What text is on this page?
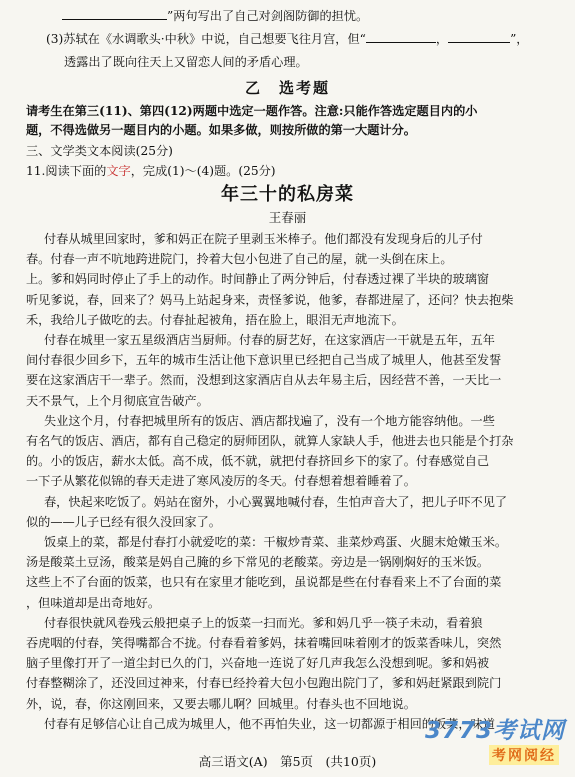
”两句写出了自己对剑阁防御的担忧。
(3)苏轼在《水调歌头·中秋》中说，自己想要飞往月宫，但“	，	”，
透露出了既向往天上又留恋人间的矛盾心理。
乙　选考题
请考生在第三(11)、第四(12)两题中选定一题作答。注意:只能作答选定题目内的小
题，不得选做另一题目内的小题。如果多做，则按所做的第一大题计分。
三、文学类文本阅读(25分)
11.阅读下面的文字，完成(1)～(4)题。(25分)
年三十的私房菜
王春丽
付春从城里回家时，爹和妈正在院子里剥玉米棒子。他们都没有发现身后的儿子付
春。付春一声不吭地跨进院门，拎着大包小包进了自己的屋，就一头倒在床上。
上。爹和妈同时停止了手上的动作。时间静止了两分钟后，付春透过裸了半块的玻璃窗
听见爹说，春，回来了？妈马上站起身来，责怪爹说，他爹，春都进屋了，还问？快去抱柴
禾，我给儿子做吃的去。付春扯起被角，捂在脸上，眼泪无声地流下。
付春在城里一家五星级酒店当厨师。付春的厨艺好，在这家酒店一干就是五年，五年
间付春很少回乡下，五年的城市生活让他下意识里已经把自己当成了城里人，他甚至发誓
要在这家酒店干一辈子。然而，没想到这家酒店自从去年易主后，因经营不善，一天比一
天不景气，上个月彻底宣告破产。
失业这个月，付春把城里所有的饭店、酒店都找遍了，没有一个地方能容纳他。一些
有名气的饭店、酒店，都有自己稳定的厨师团队，就算人家缺人手，他进去也只能是个打杂
的。小的饭店，薪水太低。高不成，低不就，就把付春挤回乡下的家了。付春感觉自己
一下子从繁花似锦的春天走进了寒风凌厉的冬天。付春想着想着睡着了。
春，快起来吃饭了。妈站在窗外，小心翼翼地喊付春，生怕声音大了，把儿子吓不见了
似的——儿子已经有很久没回家了。
饭桌上的菜，都是付春打小就爱吃的菜：干椒炒青菜、韭菜炒鸡蛋、火腿末炝嫩玉米。
汤是酸菜土豆汤，酸菜是妈自己腌的乡下常见的老酸菜。旁边是一锅刚焖好的玉米饭。
这些上不了台面的饭菜，也只有在家里才能吃到，虽说都是些在付春看来上不了台面的菜
，但味道却是出奇地好。
付春很快就风卷残云般把桌子上的饭菜一扫而光。爹和妈几乎一筷子未动，看着狼
吞虎咽的付春，笑得嘴都合不拢。付春看着爹妈，抹着嘴回味着刚才的饭菜香味儿，突然
脑子里像打开了一道尘封已久的门，兴奋地一连说了好几声我怎么没想到呢。爹和妈被
付春整糊涂了，还没回过神来，付春已经拎着大包小包跑出院门了，爹和妈赶紧跟到院门
外，说，春，你这刚回来，又要去哪儿啊？回城里。付春头也不回地说。
付春有足够信心让自己成为城里人，他不再怕失业，这一切都源于相回的饭菜，味道
高三语文(A)　第5页　(共10页)
3773考试网
考网阅经
